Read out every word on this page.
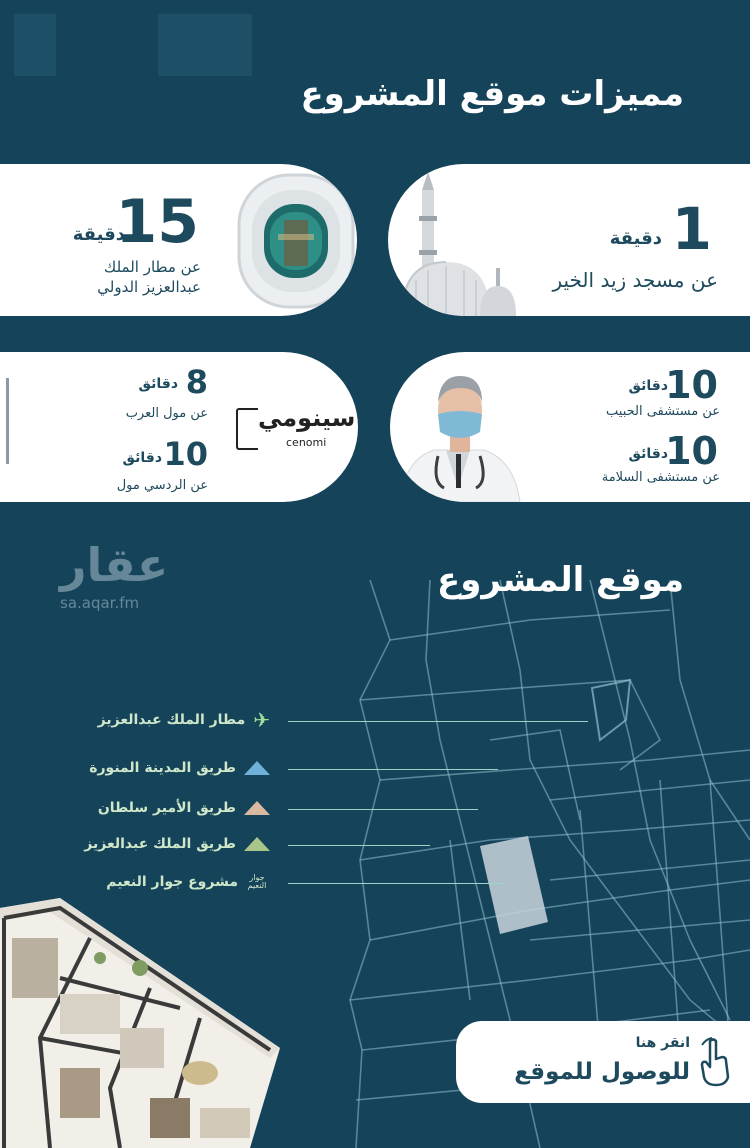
مميزات موقع المشروع
1
دقيقة
عن مسجد زيد الخير
15
دقيقة
عن مطار الملك
عبدالعزيز الدولي
10
دقائق
عن مستشفى الحبيب
10
دقائق
عن مستشفى السلامة
8
دقائق
عن مول العرب
10
دقائق
عن الردسي مول
سينومي
cenomi
عقار
sa.aqar.fm
موقع المشروع
✈
مطار الملك عبدالعزيز
طريق المدينة المنورة
طريق الأمير سلطان
طريق الملك عبدالعزيز
جوار النعيم
مشروع جوار النعيم
انقر هنا
للوصول للموقع
